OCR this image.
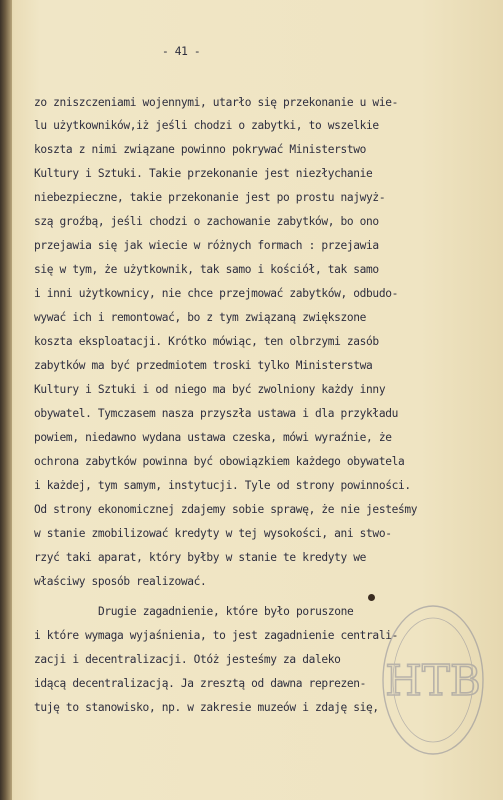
- 41 -
zo zniszczeniami wojennymi, utarło się przekonanie u wie-
lu użytkowników,iż jeśli chodzi o zabytki, to wszelkie
koszta z nimi związane powinno pokrywać Ministerstwo
Kultury i Sztuki. Takie przekonanie jest niezłychanie
niebezpieczne, takie przekonanie jest po prostu najwyż-
szą groźbą, jeśli chodzi o zachowanie zabytków, bo ono
przejawia się jak wiecie w różnych formach : przejawia
się w tym, że użytkownik, tak samo i kościół, tak samo
i inni użytkownicy, nie chce przejmować zabytków, odbudo-
wywać ich i remontować, bo z tym związaną zwiększone
koszta eksploatacji. Krótko mówiąc, ten olbrzymi zasób
zabytków ma być przedmiotem troski tylko Ministerstwa
Kultury i Sztuki i od niego ma być zwolniony każdy inny
obywatel. Tymczasem nasza przyszła ustawa i dla przykładu
powiem, niedawno wydana ustawa czeska, mówi wyraźnie, że
ochrona zabytków powinna być obowiązkiem każdego obywatela
i każdej, tym samym, instytucji. Tyle od strony powinności.
Od strony ekonomicznej zdajemy sobie sprawę, że nie jesteśmy
w stanie zmobilizować kredyty w tej wysokości, ani stwo-
rzyć taki aparat, który byłby w stanie te kredyty we
właściwy sposób realizować.
Drugie zagadnienie, które było poruszone
i które wymaga wyjaśnienia, to jest zagadnienie centrali-
zacji i decentralizacji. Otóż jesteśmy za daleko
idącą decentralizacją. Ja zresztą od dawna reprezen-
tuję to stanowisko, np. w zakresie muzeów i zdaję się,
HTB
